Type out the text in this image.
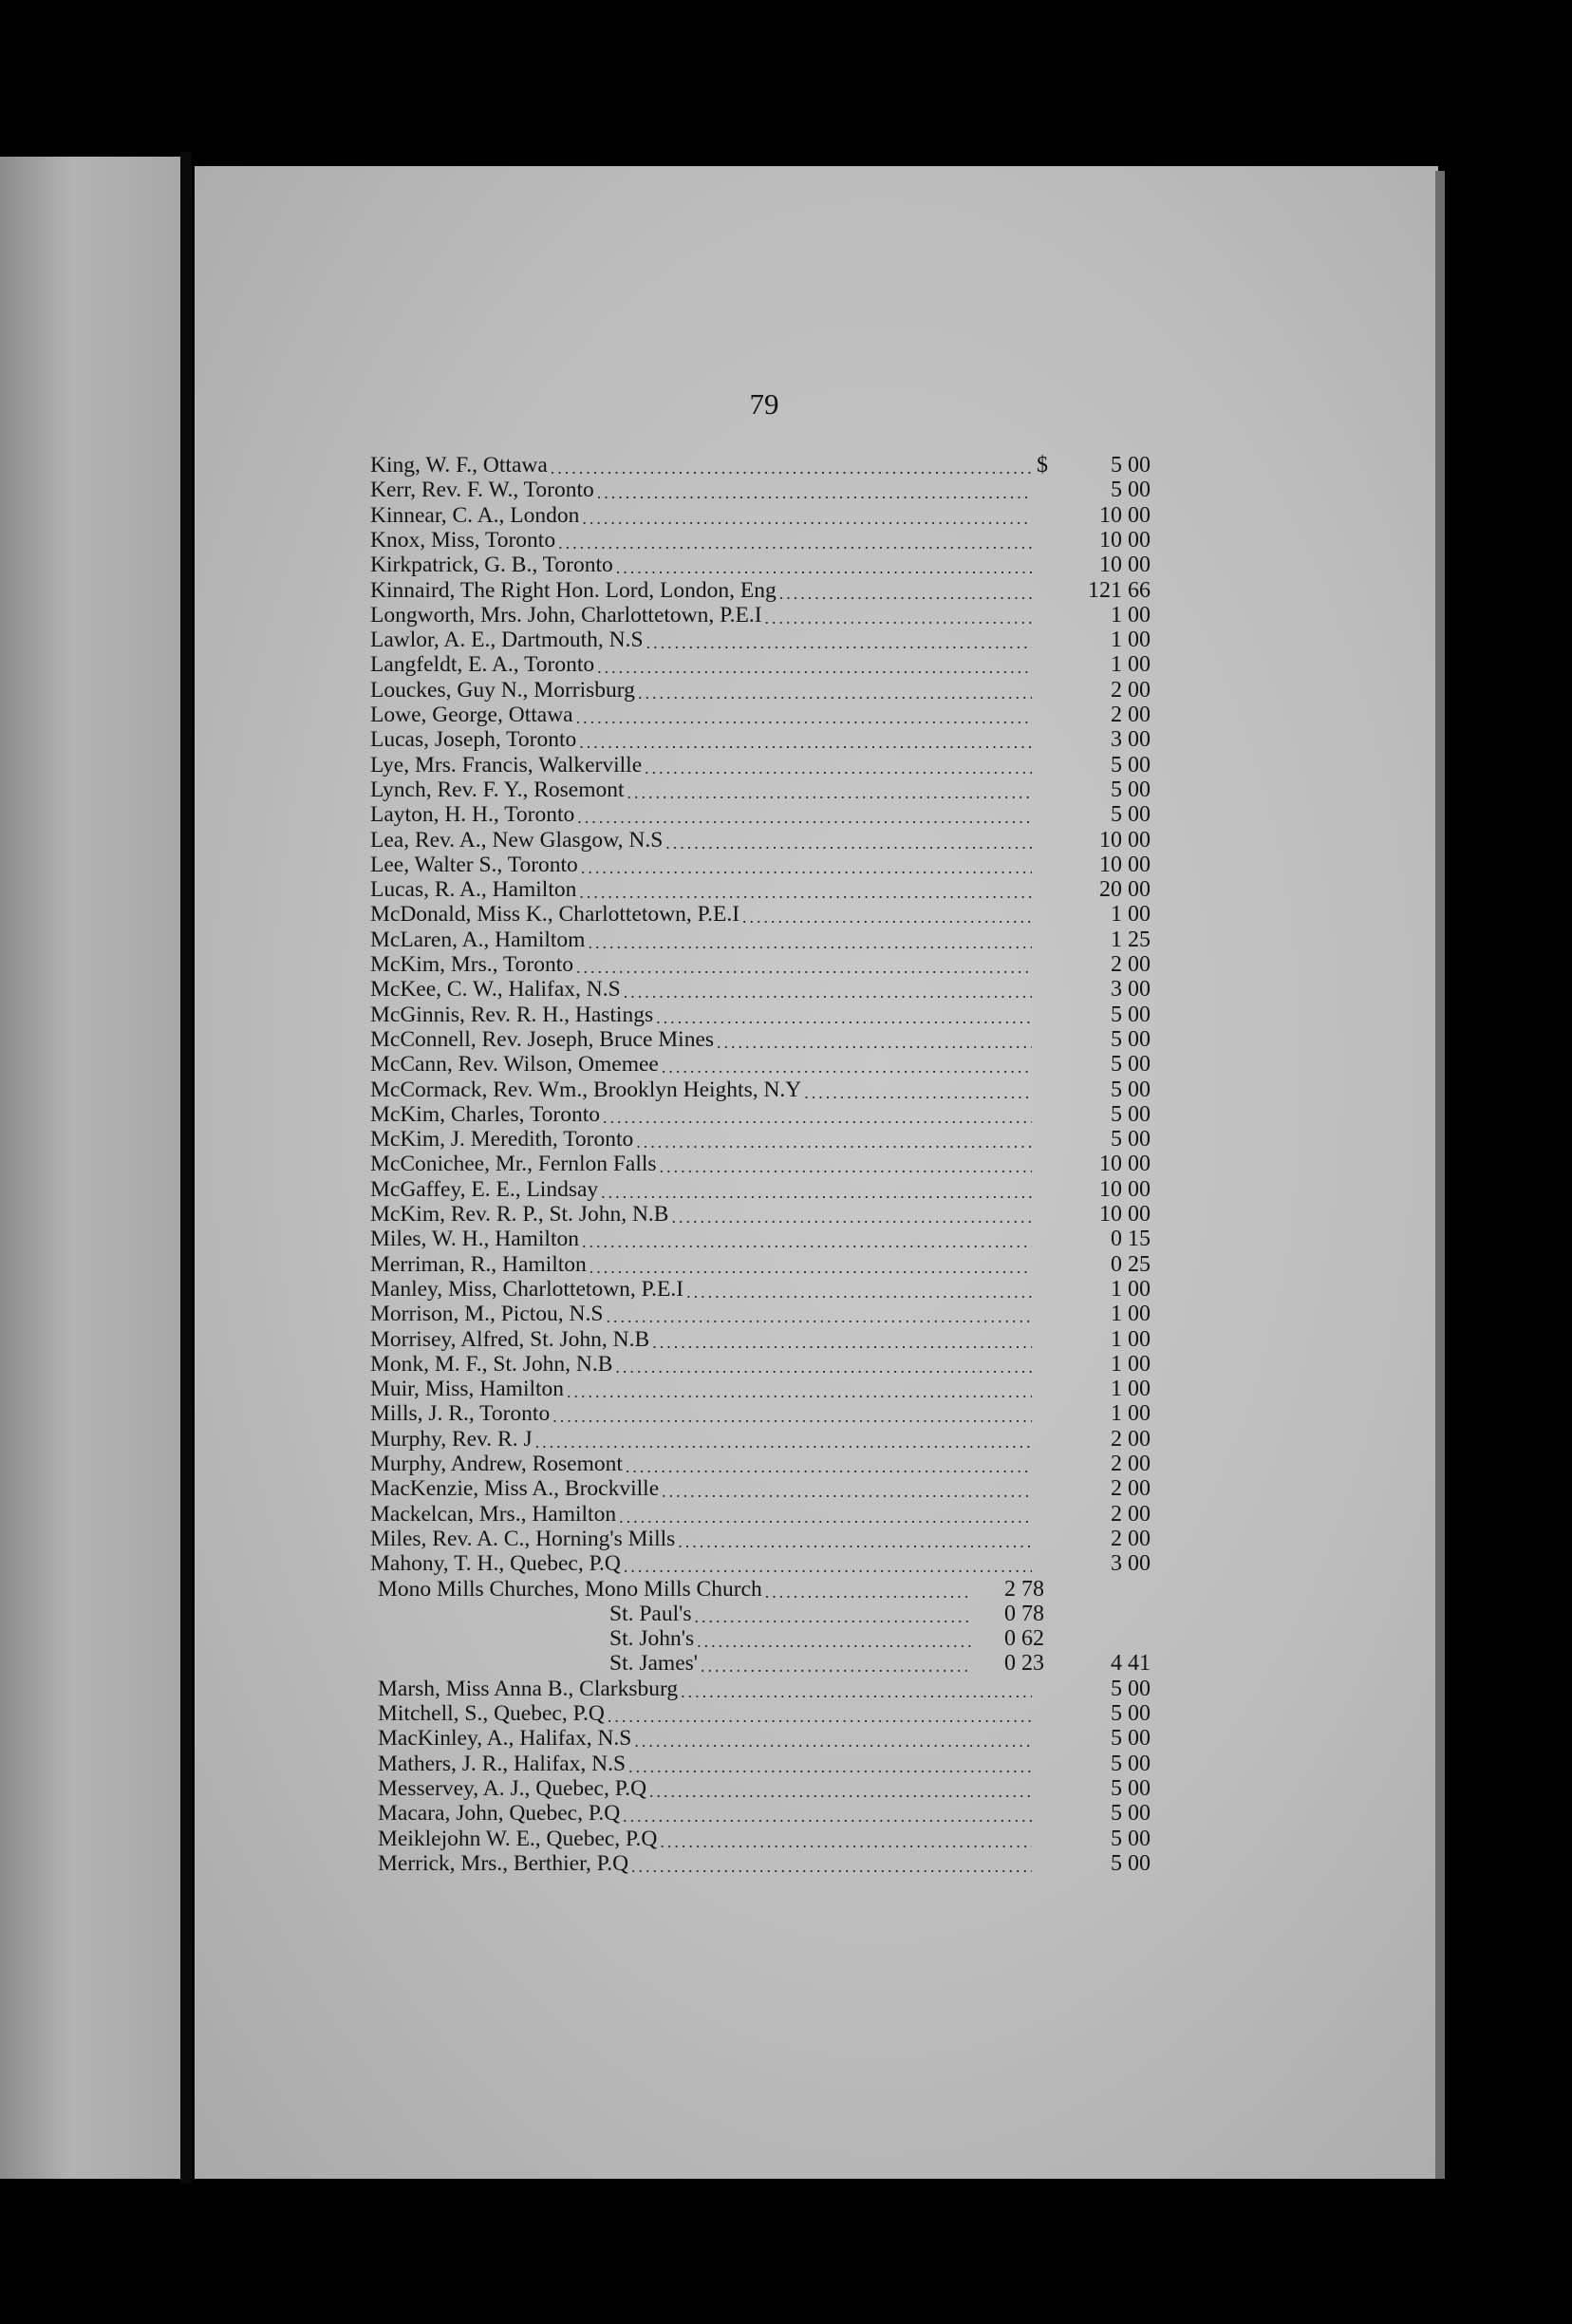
79
King, W. F., Ottawa .....	$	5 00
Kerr, Rev. F. W., Toronto .....	5 00
Kinnear, C. A., London .....	10 00
Knox, Miss, Toronto .....	10 00
Kirkpatrick, G. B., Toronto .....	10 00
Kinnaird, The Right Hon. Lord, London, Eng .....	121 66
Longworth, Mrs. John, Charlottetown, P.E.I .....	1 00
Lawlor, A. E., Dartmouth, N.S .....	1 00
Langfeldt, E. A., Toronto .....	1 00
Louckes, Guy N., Morrisburg .....	2 00
Lowe, George, Ottawa .....	2 00
Lucas, Joseph, Toronto .....	3 00
Lye, Mrs. Francis, Walkerville .....	5 00
Lynch, Rev. F. Y., Rosemont .....	5 00
Layton, H. H., Toronto .....	5 00
Lea, Rev. A., New Glasgow, N.S .....	10 00
Lee, Walter S., Toronto .....	10 00
Lucas, R. A., Hamilton .....	20 00
McDonald, Miss K., Charlottetown, P.E.I .....	1 00
McLaren, A., Hamiltom .....	1 25
McKim, Mrs., Toronto .....	2 00
McKee, C. W., Halifax, N.S .....	3 00
McGinnis, Rev. R. H., Hastings .....	5 00
McConnell, Rev. Joseph, Bruce Mines .....	5 00
McCann, Rev. Wilson, Omemee .....	5 00
McCormack, Rev. Wm., Brooklyn Heights, N.Y .....	5 00
McKim, Charles, Toronto .....	5 00
McKim, J. Meredith, Toronto .....	5 00
McConichee, Mr., Fernlon Falls .....	10 00
McGaffey, E. E., Lindsay .....	10 00
McKim, Rev. R. P., St. John, N.B .....	10 00
Miles, W. H., Hamilton .....	0 15
Merriman, R., Hamilton .....	0 25
Manley, Miss, Charlottetown, P.E.I .....	1 00
Morrison, M., Pictou, N.S .....	1 00
Morrisey, Alfred, St. John, N.B .....	1 00
Monk, M. F., St. John, N.B .....	1 00
Muir, Miss, Hamilton .....	1 00
Mills, J. R., Toronto .....	1 00
Murphy, Rev. R. J .....	2 00
Murphy, Andrew, Rosemont .....	2 00
MacKenzie, Miss A., Brockville .....	2 00
Mackelcan, Mrs., Hamilton .....	2 00
Miles, Rev. A. C., Horning's Mills .....	2 00
Mahony, T. H., Quebec, P.Q .....	3 00
Mono Mills Churches, Mono Mills Church .....	2 78
St. Paul's .....	0 78
St. John's .....	0 62
St. James' .....	0 23	4 41
Marsh, Miss Anna B., Clarksburg .....	5 00
Mitchell, S., Quebec, P.Q .....	5 00
MacKinley, A., Halifax, N.S .....	5 00
Mathers, J. R., Halifax, N.S .....	5 00
Messervey, A. J., Quebec, P.Q .....	5 00
Macara, John, Quebec, P.Q .....	5 00
Meiklejohn W. E., Quebec, P.Q .....	5 00
Merrick, Mrs., Berthier, P.Q .....	5 00
